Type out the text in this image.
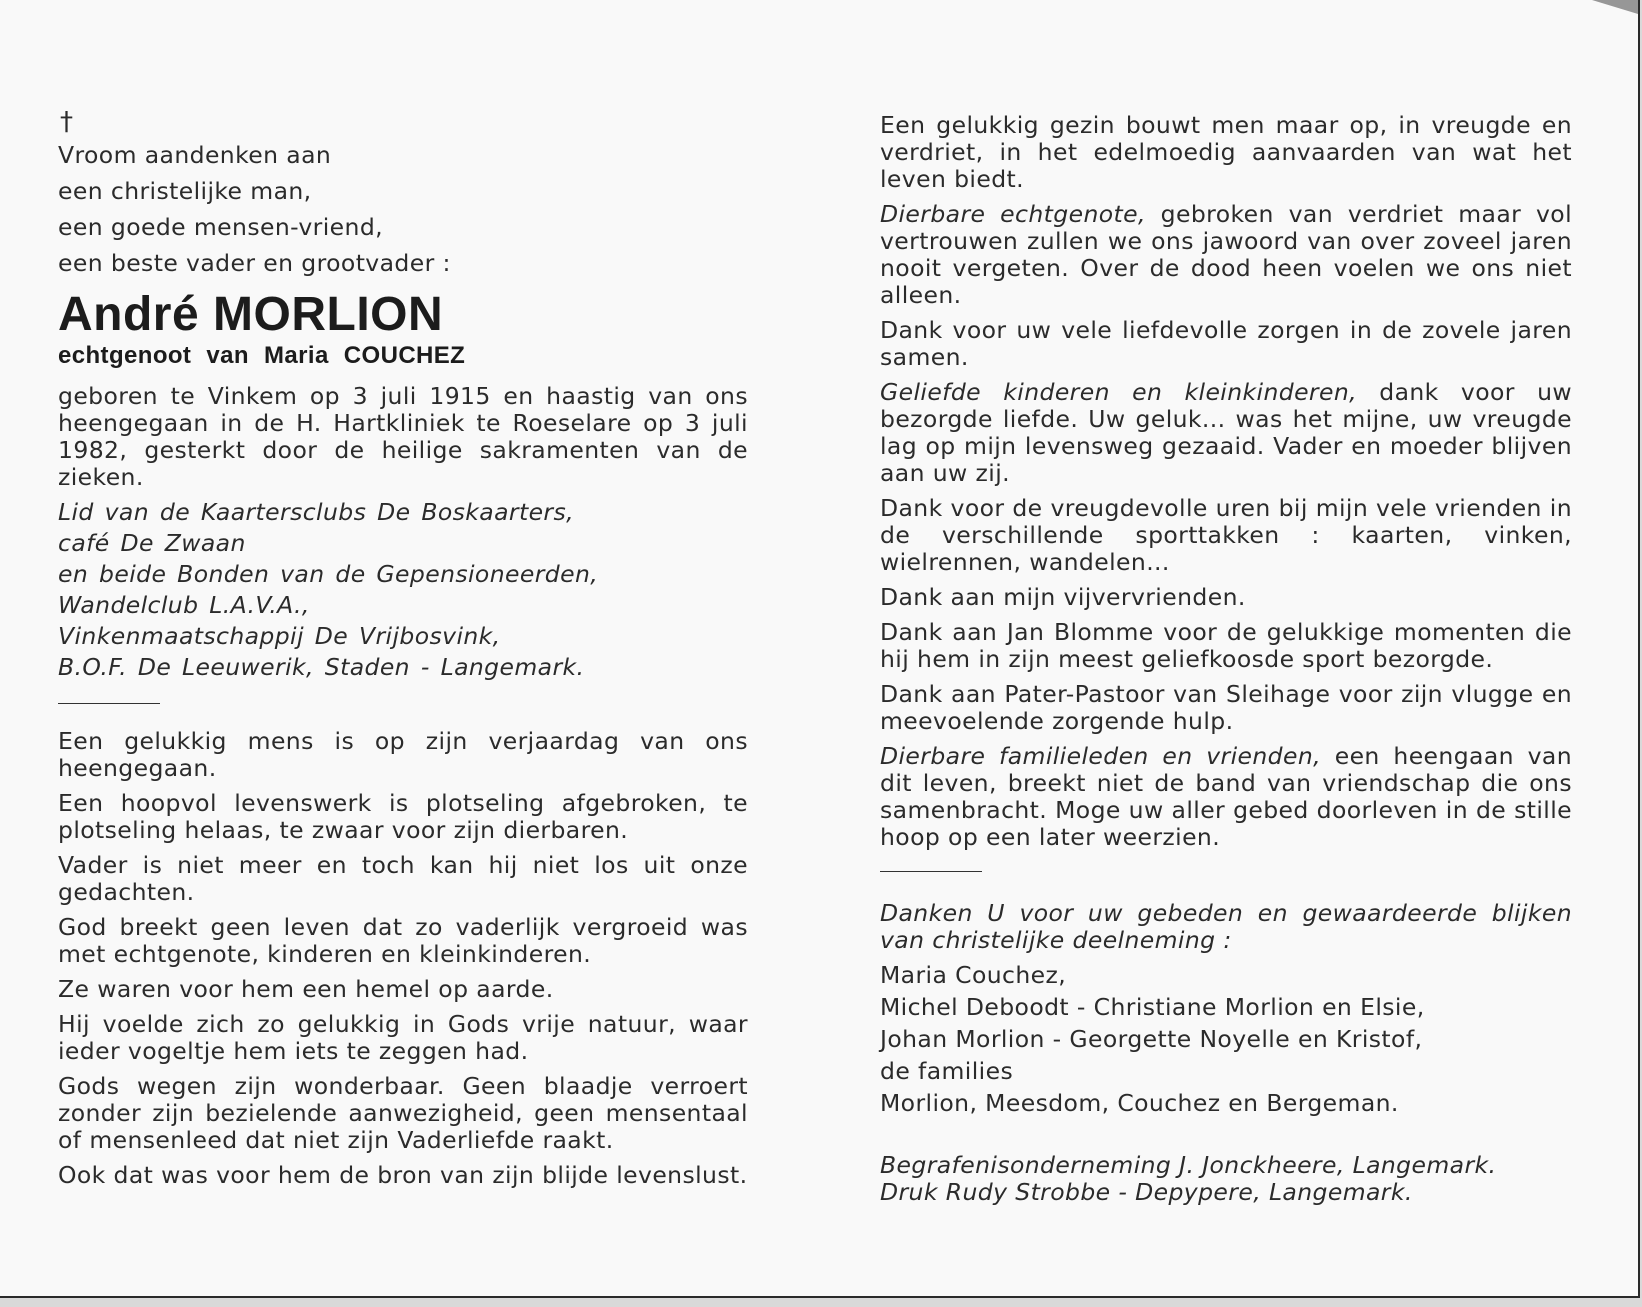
†
Vroom aandenken aan
een christelijke man,
een goede mensen-vriend,
een beste vader en grootvader :
André MORLION
echtgenoot van Maria COUCHEZ
geboren te Vinkem op 3 juli 1915 en haastig van ons heengegaan in de H. Hartkliniek te Roeselare op 3 juli 1982, gesterkt door de heilige sakramenten van de zieken.
Lid van de Kaartersclubs De Boskaarters,
café De Zwaan
en beide Bonden van de Gepensioneerden,
Wandelclub L.A.V.A.,
Vinkenmaatschappij De Vrijbosvink,
B.O.F. De Leeuwerik, Staden - Langemark.
Een gelukkig mens is op zijn verjaardag van ons heengegaan.
Een hoopvol levenswerk is plotseling afgebroken, te plotseling helaas, te zwaar voor zijn dierbaren.
Vader is niet meer en toch kan hij niet los uit onze gedachten.
God breekt geen leven dat zo vaderlijk vergroeid was met echtgenote, kinderen en kleinkinderen.
Ze waren voor hem een hemel op aarde.
Hij voelde zich zo gelukkig in Gods vrije natuur, waar ieder vogeltje hem iets te zeggen had.
Gods wegen zijn wonderbaar. Geen blaadje verroert zonder zijn bezielende aanwezigheid, geen mensentaal of mensenleed dat niet zijn Vaderliefde raakt.
Ook dat was voor hem de bron van zijn blijde levenslust.
Een gelukkig gezin bouwt men maar op, in vreugde en verdriet, in het edelmoedig aanvaarden van wat het leven biedt.
Dierbare echtgenote, gebroken van verdriet maar vol vertrouwen zullen we ons jawoord van over zoveel jaren nooit vergeten. Over de dood heen voelen we ons niet alleen.
Dank voor uw vele liefdevolle zorgen in de zovele jaren samen.
Geliefde kinderen en kleinkinderen, dank voor uw bezorgde liefde. Uw geluk... was het mijne, uw vreugde lag op mijn levensweg gezaaid. Vader en moeder blijven aan uw zij.
Dank voor de vreugdevolle uren bij mijn vele vrienden in de verschillende sporttakken : kaarten, vinken, wielrennen, wandelen...
Dank aan mijn vijvervrienden.
Dank aan Jan Blomme voor de gelukkige momenten die hij hem in zijn meest geliefkoosde sport bezorgde.
Dank aan Pater-Pastoor van Sleihage voor zijn vlugge en meevoelende zorgende hulp.
Dierbare familieleden en vrienden, een heengaan van dit leven, breekt niet de band van vriendschap die ons samenbracht. Moge uw aller gebed doorleven in de stille hoop op een later weerzien.
Danken U voor uw gebeden en gewaardeerde blijken van christelijke deelneming :
Maria Couchez,
Michel Deboodt - Christiane Morlion en Elsie,
Johan Morlion - Georgette Noyelle en Kristof,
de families
Morlion, Meesdom, Couchez en Bergeman.
Begrafenisonderneming J. Jonckheere, Langemark.
Druk Rudy Strobbe - Depypere, Langemark.
